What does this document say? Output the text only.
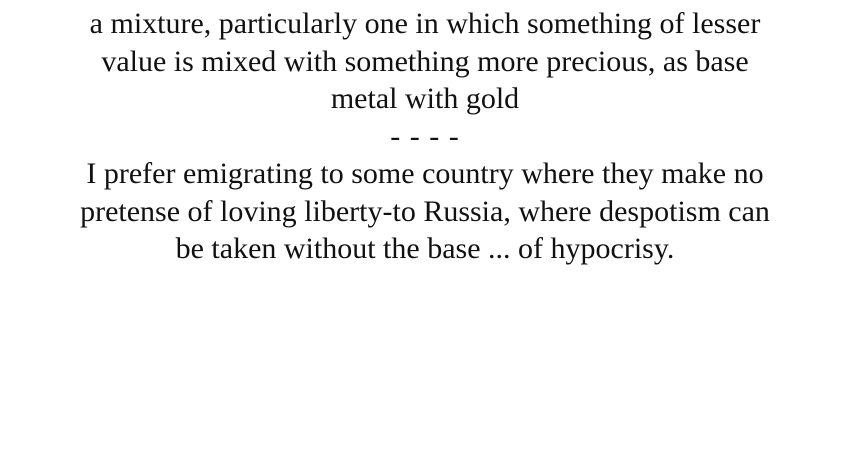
a mixture, particularly one in which something of lesser value is mixed with something more precious, as base metal with gold
- - - -
I prefer emigrating to some country where they make no pretense of loving liberty-to Russia, where despotism can be taken without the base ... of hypocrisy.
